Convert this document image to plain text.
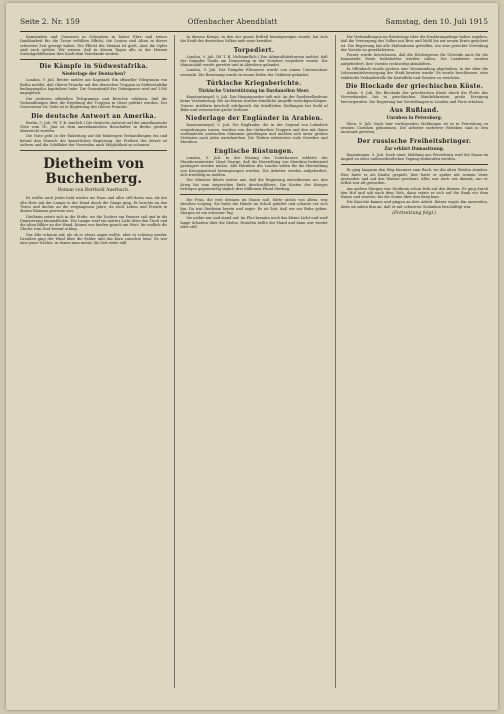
Seite 2. Nr. 159	Offenbacher Abendblatt	Samstag, den 10. Juli 1915

Kameraden und Genossen in Schwaben in hoher Ehre und treuer Dankbarkeit für die Treue erfüllten Pflicht, die Leuten und Alten in dieser schweren Zeit gezeigt haben. Die Pflicht der Heimat ist groß, aber die Opfer sind noch größer. Wir wissen, daß in diesen Tagen alle in der Heimat Zurückgebliebenen ihre Kraft dem Vaterlande weihen.

Die Kämpfe in Südwestafrika.
Niederlage der Deutschen?

London, 9. Juli. Reuter meldet aus Kapstadt: Ein offizieller Telegramm von Botha meldet, daß Oberst Francke mit den deutschen Truppen in Südwestafrika bedingungslos kapituliert habe. Die Gesamtzahl der Gefangenen wird auf 3500 angegeben.

Die weiteren offiziellen Telegramme und Berichte erklären, daß die Verhandlungen über die Ergebung der Truppen in Otavi geführt wurden. Der Gouverneur Dr. Seitz ist in Begleitung des Oberst Francke.

Die deutsche Antwort an Amerika.

Berlin, 9. Juli. (W. T. B. Amtlich.) Die deutsche Antwort auf die amerikanische Note vom 10. Juni ist dem amerikanischen Botschafter in Berlin gestern überreicht worden.

Die Note geht in der Einleitung auf die bisherigen Verhandlungen ein und betont den Wunsch der kaiserlichen Regierung, die Freiheit der Meere zu sichern und die Schiffahrt der Neutralen nach Möglichkeit zu schonen.

Dietheim von Buchenberg.
Roman von Berthold Auerbach.

Es wollte noch Jedes bald wieder ins Haus und alles still darin war, als der alte Herr mit der Lampe in der Hand durch die Gänge ging. Er horchte an den Türen und dachte an die vergangenen Jahre, da noch Leben und Freude in diesen Räumen gewesen war.

Dietheim setzte sich in die Stube, wo die Tochter am Fenster saß und in die Dämmerung hinausblickte. Die Lampe warf ein mattes Licht über den Tisch und die alten Bilder an der Wand. Keines von beiden sprach ein Wort, bis endlich die Glocke vom Dorf herauf schlug.

Der Alte schaute auf, als ob er etwas sagen wollte, aber er schwieg wieder. Draußen ging der Wind über die Felder und das Korn rauschte leise. Es war eine jener Nächte, in denen man meint, die Zeit stehe still.

In diesem Kriege, in den der ganze Erdteil hineingezogen wurde, hat sich die Kraft des deutschen Volkes aufs neue bewährt.

Torpediert.

London, 9. Juli. (W. T. B. Nichtamtlich.) Das Admiralitätsbureau meldet, daß der Dampfer Guido am Donnerstag in der Nordsee torpediert wurde. Die Mannschaft wurde gerettet und in Aberdeen gelandet.

London, 9. Juli. Der Dampfer Ellesmere wurde von einem Unterseeboot versenkt. Die Besatzung wurde in einem Hafen der Ostküste gelandet.

Türkische Kriegsberichte.
Türkische Unterstützung im Dardanellen Meer.

Konstantinopel, 9. Juli. Das Hauptquartier teilt mit: An der Dardanellenfront keine Veränderung. Bei Ari Burnu wurden feindliche Angriffe zurückgeschlagen. Unsere Artillerie beschoß erfolgreich die feindlichen Stellungen bei Sedd ul Bahr und verursachte große Verluste.

Niederlage der Engländer in Arabien.

Konstantinopel, 9. Juli. Die Engländer, die in der Gegend von Lahadsch vorgedrungen waren, wurden von den türkischen Truppen und den mit ihnen verbündeten arabischen Stämmen geschlagen und mußten sich unter großen Verlusten nach Aden zurückziehen. Die Türken erbeuteten viele Gewehre und Munition.

Englische Rüstungen.

London, 9. Juli. In der Sitzung des Unterhauses erklärte der Munitionsminister Lloyd George, daß die Herstellung von Munition bedeutend gesteigert werden müsse. Alle Fabriken des Landes sollen für die Herstellung von Kriegsmaterial herangezogen werden. Die Arbeiter werden aufgefordert, sich freiwillig zu melden.

Der Minister führte weiter aus, daß die Regierung entschlossen sei, den Krieg bis zum siegreichen Ende durchzuführen. Die Kosten des Krieges betragen gegenwärtig täglich drei Millionen Pfund Sterling.

Die Frau, die weit drinnen im Hause saß, hörte nichts von allem, was draußen vorging. Sie hatte die Hände im Schoß gefaltet und schaute vor sich hin. Da trat Dietheim herein und sagte: Es ist Zeit, daß wir zur Ruhe gehen. Morgen ist ein schwerer Tag.

Sie nickte nur und stand auf. Im Flur brannte noch das kleine Licht und warf lange Schatten über die Dielen. Draußen bellte der Hund und dann war wieder alles still.

Die Verhandlungen im Reichstage über die Ernährungsfrage haben ergeben, daß die Versorgung des Volkes mit Brot und Mehl bis zur neuen Ernte gesichert ist. Die Regierung hat alle Maßnahmen getroffen, um eine gerechte Verteilung der Vorräte zu gewährleisten.

Ferner wurde beschlossen, daß die Höchstpreise für Getreide auch für die kommende Ernte beibehalten werden sollen. Die Landwirte werden aufgefordert, ihre Vorräte rechtzeitig abzuliefern.

In Offenbach wurde gestern eine Versammlung abgehalten, in der über die Lebensmittelversorgung der Stadt beraten wurde. Es wurde beschlossen, eine städtische Verkaufsstelle für Kartoffeln und Gemüse zu errichten.

Die Blockade der griechischen Küste.

Athen, 9. Juli. Die Blockade der griechischen Küste durch die Flotte des Vierverbandes hat in griechischen Handelskreisen große Erregung hervorgerufen. Die Regierung hat Vorstellungen in London und Paris erhoben.

Aus Rußland.
Unruhen in Petersburg.

Wien, 9. Juli. Nach hier vorliegenden Meldungen ist es in Petersburg zu ernsten Unruhen gekommen. Die Arbeiter mehrerer Fabriken sind in den Ausstand getreten.

Der russische Freiheitsbringer.
Zar erklärt Dumasitzung.

Kopenhagen, 9. Juli. Nach einer Meldung aus Petersburg wird die Duma im August zu einer außerordentlichen Tagung einberufen werden.

Er ging langsam den Weg hinunter zum Bach, wo die alten Weiden standen. Hier hatte er als Knabe gespielt, hier hatte er später mit seinem Vater gestanden und auf das Wasser geschaut. Alles war noch wie damals, nur er selbst war alt geworden.

Am andern Morgen war Dietheim schon früh auf den Beinen. Er ging durch den Hof und sah nach dem Vieh, dann setzte er sich auf die Bank vor dem Hause und wartete, bis die Sonne über den Berg kam.

Die Knechte kamen und gingen an ihre Arbeit. Keiner wagte ihn anzureden, denn sie sahen ihm an, daß er mit schweren Gedanken beschäftigt war.

(Fortsetzung folgt.)
